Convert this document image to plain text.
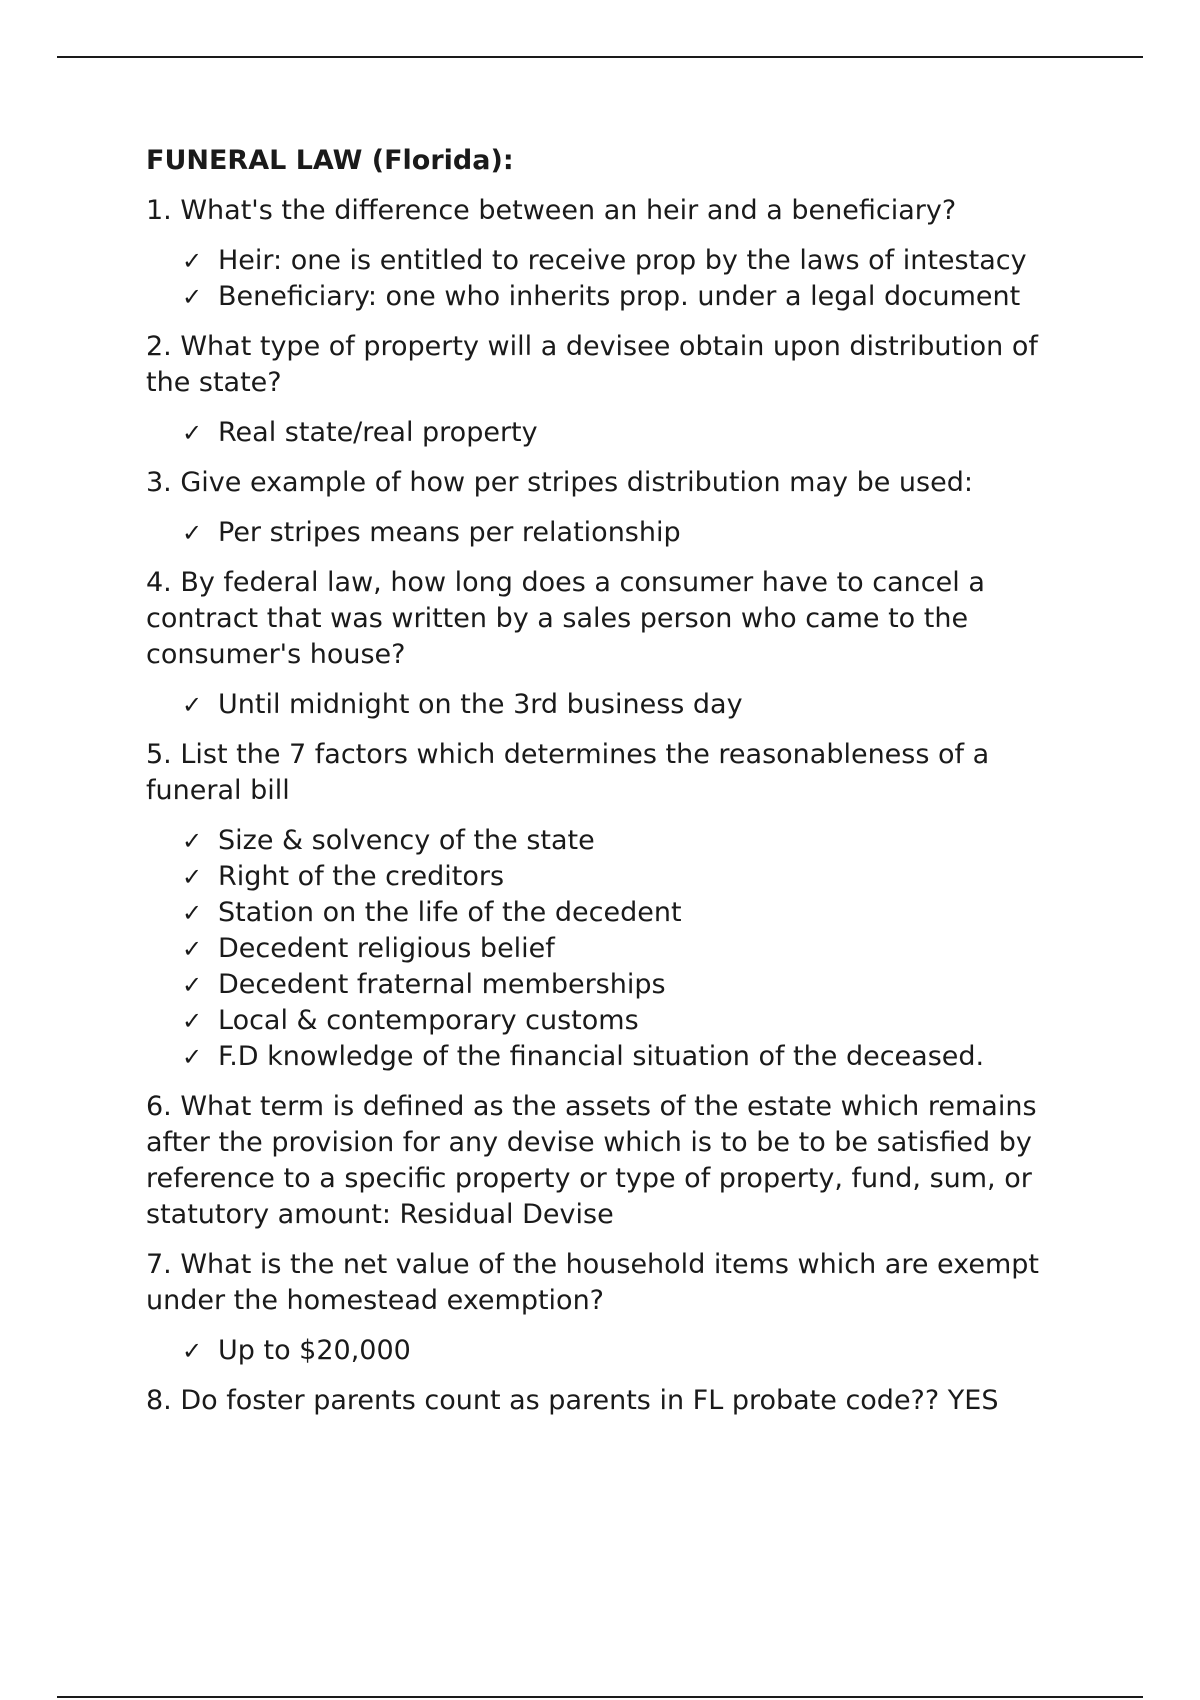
FUNERAL LAW (Florida):
1. What's the difference between an heir and a beneficiary?
✓ Heir: one is entitled to receive prop by the laws of intestacy
✓ Beneficiary: one who inherits prop. under a legal document
2. What type of property will a devisee obtain upon distribution of the state?
✓ Real state/real property
3. Give example of how per stripes distribution may be used:
✓ Per stripes means per relationship
4. By federal law, how long does a consumer have to cancel a contract that was written by a sales person who came to the consumer's house?
✓ Until midnight on the 3rd business day
5. List the 7 factors which determines the reasonableness of a funeral bill
✓ Size & solvency of the state
✓ Right of the creditors
✓ Station on the life of the decedent
✓ Decedent religious belief
✓ Decedent fraternal memberships
✓ Local & contemporary customs
✓ F.D knowledge of the financial situation of the deceased.
6. What term is defined as the assets of the estate which remains after the provision for any devise which is to be to be satisfied by reference to a specific property or type of property, fund, sum, or statutory amount: Residual Devise
7. What is the net value of the household items which are exempt under the homestead exemption?
✓ Up to $20,000
8. Do foster parents count as parents in FL probate code?? YES
